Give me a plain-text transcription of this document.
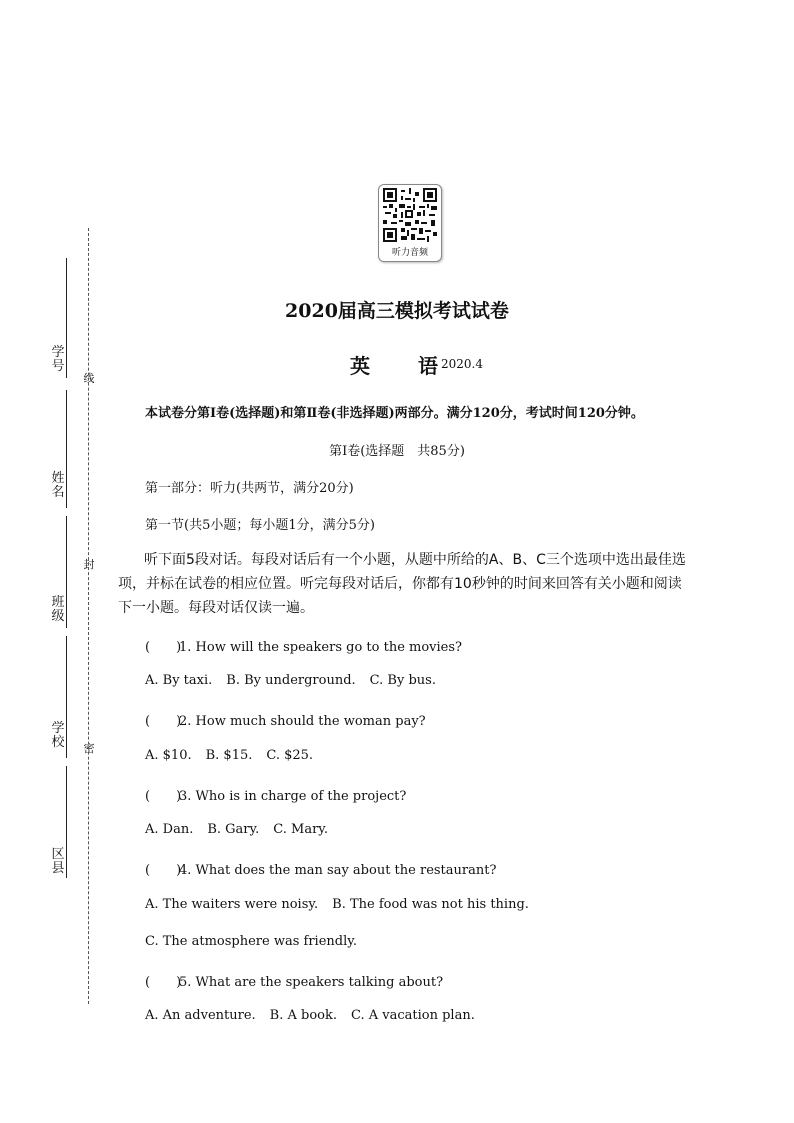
学号
姓名
班级
学校
区县
线
封
密
听力音频
2020届高三模拟考试试卷
英 语 2020.4
本试卷分第Ⅰ卷(选择题)和第Ⅱ卷(非选择题)两部分。满分120分，考试时间120分钟。
第Ⅰ卷(选择题　共85分)
第一部分：听力(共两节，满分20分)
第一节(共5小题；每小题1分，满分5分)
听下面5段对话。每段对话后有一个小题，从题中所给的A、B、C三个选项中选出最佳选项，并标在试卷的相应位置。听完每段对话后，你都有10秒钟的时间来回答有关小题和阅读下一小题。每段对话仅读一遍。
(　　)1. How will the speakers go to the movies?
A. By taxi. B. By underground. C. By bus.
(　　)2. How much should the woman pay?
A. $10. B. $15. C. $25.
(　　)3. Who is in charge of the project?
A. Dan. B. Gary. C. Mary.
(　　)4. What does the man say about the restaurant?
A. The waiters were noisy. B. The food was not his thing.
C. The atmosphere was friendly.
(　　)5. What are the speakers talking about?
A. An adventure. B. A book. C. A vacation plan.
